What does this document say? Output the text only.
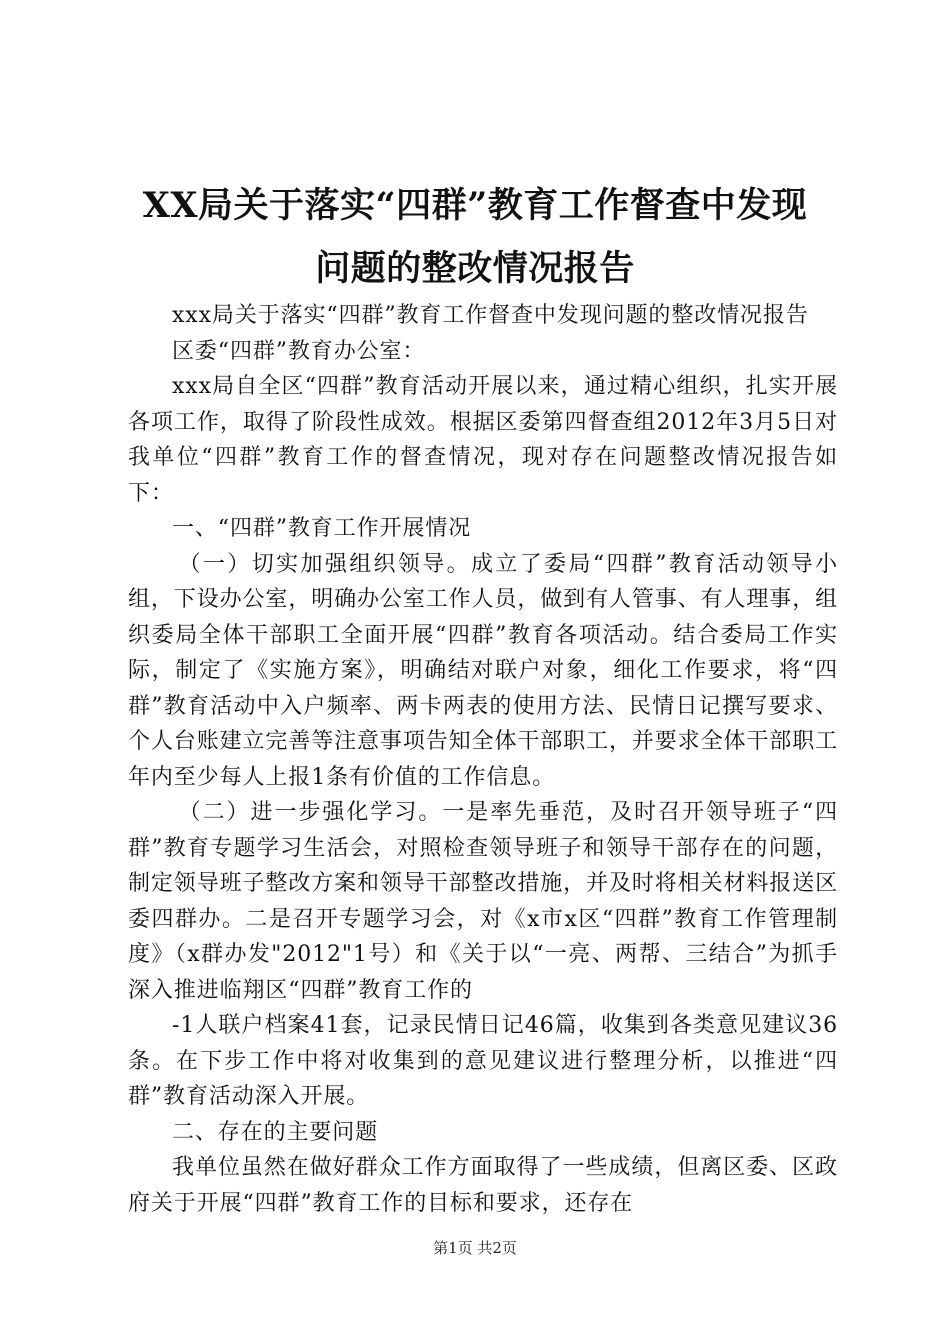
XX局关于落实“四群”教育工作督查中发现
问题的整改情况报告

xxx局关于落实“四群”教育工作督查中发现问题的整改情况报告

区委“四群”教育办公室：

xxx局自全区“四群”教育活动开展以来，通过精心组织，扎实开展各项工作，取得了阶段性成效。根据区委第四督查组2012年3月5日对我单位“四群”教育工作的督查情况，现对存在问题整改情况报告如下：

一、“四群”教育工作开展情况

（一）切实加强组织领导。成立了委局“四群”教育活动领导小组，下设办公室，明确办公室工作人员，做到有人管事、有人理事，组织委局全体干部职工全面开展“四群”教育各项活动。结合委局工作实际，制定了《实施方案》，明确结对联户对象，细化工作要求，将“四群”教育活动中入户频率、两卡两表的使用方法、民情日记撰写要求、个人台账建立完善等注意事项告知全体干部职工，并要求全体干部职工年内至少每人上报1条有价值的工作信息。

（二）进一步强化学习。一是率先垂范，及时召开领导班子“四群”教育专题学习生活会，对照检查领导班子和领导干部存在的问题，制定领导班子整改方案和领导干部整改措施，并及时将相关材料报送区委四群办。二是召开专题学习会，对《x市x区“四群”教育工作管理制度》（x群办发"2012"1号）和《关于以“一亮、两帮、三结合”为抓手深入推进临翔区“四群”教育工作的

-1人联户档案41套，记录民情日记46篇，收集到各类意见建议36条。在下步工作中将对收集到的意见建议进行整理分析，以推进“四群”教育活动深入开展。

二、存在的主要问题

我单位虽然在做好群众工作方面取得了一些成绩，但离区委、区政府关于开展“四群”教育工作的目标和要求，还存在

第1页 共2页
